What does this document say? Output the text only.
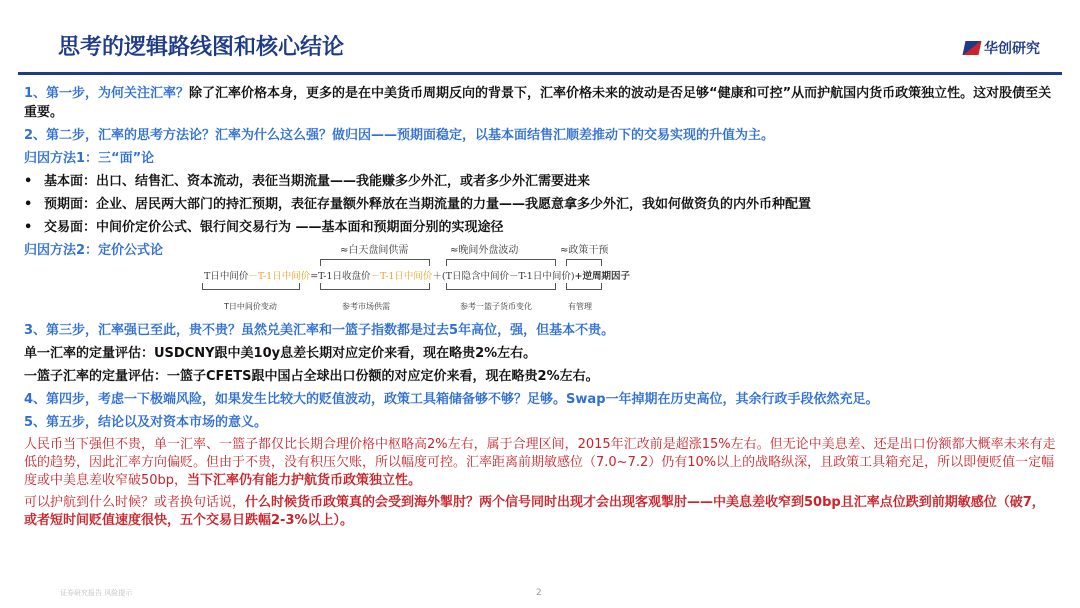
思考的逻辑路线图和核心结论	华创研究

1、第一步，为何关注汇率？除了汇率价格本身，更多的是在中美货币周期反向的背景下，汇率价格未来的波动是否足够“健康和可控”从而护航国内货币政策独立性。这对股债至关重要。

2、第二步，汇率的思考方法论？汇率为什么这么强？做归因——预期面稳定，以基本面结售汇顺差推动下的交易实现的升值为主。

归因方法1：三“面”论

• 基本面：出口、结售汇、资本流动，表征当期流量——我能赚多少外汇，或者多少外汇需要进来
• 预期面：企业、居民两大部门的持汇预期，表征存量额外释放在当期流量的力量——我愿意拿多少外汇，我如何做资负的内外币种配置
• 交易面：中间价定价公式、银行间交易行为 ——基本面和预期面分别的实现途径
归因方法2：定价公式论	≈白天盘间供需	≈晚间外盘波动	≈政策干预
T日中间价－T-1日中间价=T-1日收盘价－T-1日中间价＋(T日隐含中间价－T-1日中间价)+逆周期因子
T日中间价变动	参考市场供需	参考一篮子货币变化	有管理

3、第三步，汇率强已至此，贵不贵？虽然兑美汇率和一篮子指数都是过去5年高位，强，但基本不贵。

单一汇率的定量评估：USDCNY跟中美10y息差长期对应定价来看，现在略贵2%左右。

一篮子汇率的定量评估：一篮子CFETS跟中国占全球出口份额的对应定价来看，现在略贵2%左右。

4、第四步，考虑一下极端风险，如果发生比较大的贬值波动，政策工具箱储备够不够？足够。Swap一年掉期在历史高位，其余行政手段依然充足。

5、第五步，结论以及对资本市场的意义。

人民币当下强但不贵，单一汇率、一篮子都仅比长期合理价格中枢略高2%左右，属于合理区间，2015年汇改前是超涨15%左右。但无论中美息差、还是出口份额都大概率未来有走低的趋势，因此汇率方向偏贬。但由于不贵，没有积压欠账，所以幅度可控。汇率距离前期敏感位（7.0~7.2）仍有10%以上的战略纵深，且政策工具箱充足，所以即便贬值一定幅度或中美息差收窄破50bp，当下汇率仍有能力护航货币政策独立性。

可以护航到什么时候？或者换句话说，什么时候货币政策真的会受到海外掣肘？两个信号同时出现才会出现客观掣肘——中美息差收窄到50bp且汇率点位跌到前期敏感位（破7，或者短时间贬值速度很快，五个交易日跌幅2-3%以上）。

证券研究报告 风险提示	2
